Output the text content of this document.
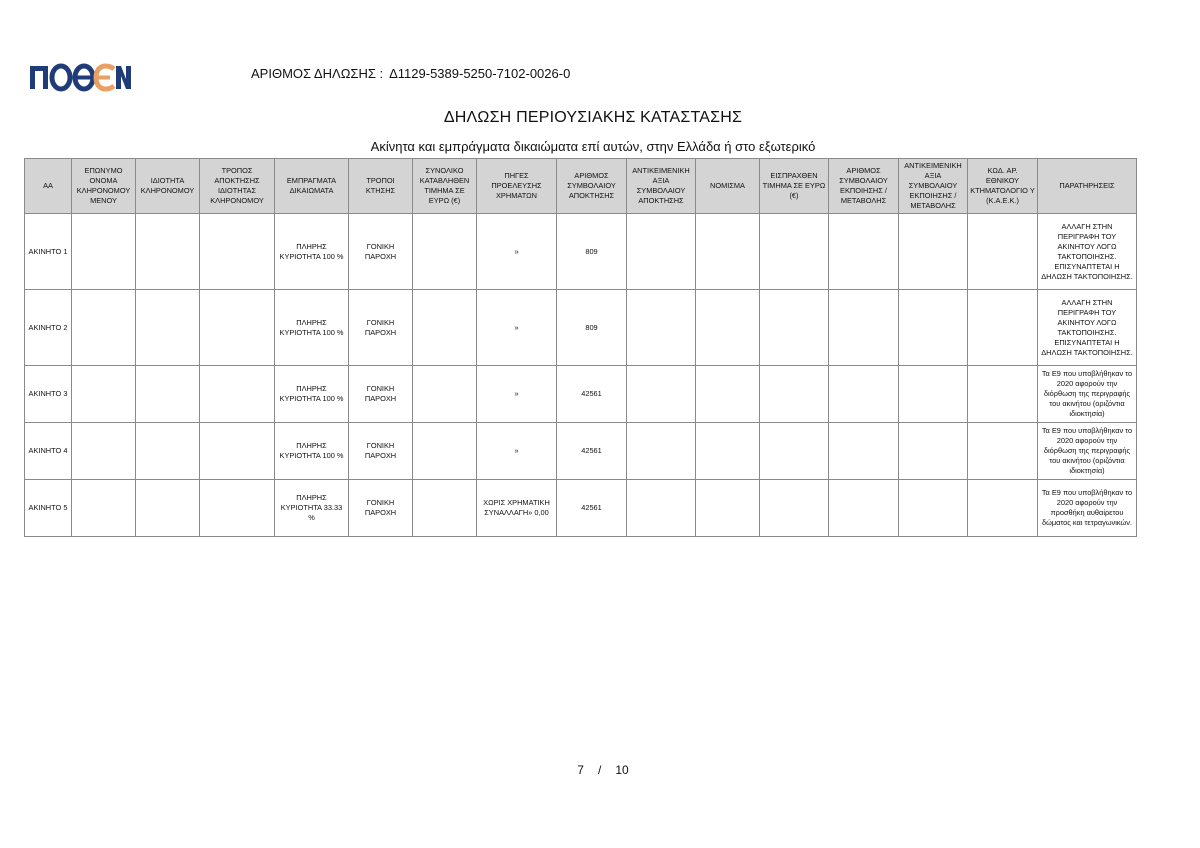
ΑΡΙΘΜΟΣ ΔΗΛΩΣΗΣ : Δ1129-5389-5250-7102-0026-0
ΔΗΛΩΣΗ ΠΕΡΙΟΥΣΙΑΚΗΣ ΚΑΤΑΣΤΑΣΗΣ
Ακίνητα και εμπράγματα δικαιώματα επί αυτών, στην Ελλάδα ή στο εξωτερικό
ΑΑ	ΕΠΩΝΥΜΟ ΟΝΟΜΑ ΚΛΗΡΟΝΟΜΟΥ ΜΕΝΟΥ	ΙΔΙΟΤΗΤΑ ΚΛΗΡΟΝΟΜΟΥ	ΤΡΟΠΟΣ ΑΠΟΚΤΗΣΗΣ ΙΔΙΟΤΗΤΑΣ ΚΛΗΡΟΝΟΜΟΥ	ΕΜΠΡΑΓΜΑΤΑ ΔΙΚΑΙΩΜΑΤΑ	ΤΡΟΠΟΙ ΚΤΗΣΗΣ	ΣΥΝΟΛΙΚΟ ΚΑΤΑΒΛΗΘΕΝ ΤΙΜΗΜΑ ΣΕ ΕΥΡΩ (€)	ΠΗΓΕΣ ΠΡΟΕΛΕΥΣΗΣ ΧΡΗΜΑΤΩΝ	ΑΡΙΘΜΟΣ ΣΥΜΒΟΛΑΙΟΥ ΑΠΟΚΤΗΣΗΣ	ΑΝΤΙΚΕΙΜΕΝΙΚΗ ΑΞΙΑ ΣΥΜΒΟΛΑΙΟΥ ΑΠΟΚΤΗΣΗΣ	ΝΟΜΙΣΜΑ	ΕΙΣΠΡΑΧΘΕΝ ΤΙΜΗΜΑ ΣΕ ΕΥΡΩ (€)	ΑΡΙΘΜΟΣ ΣΥΜΒΟΛΑΙΟΥ ΕΚΠΟΙΗΣΗΣ /ΜΕΤΑΒΟΛΗΣ	ΑΝΤΙΚΕΙΜΕΝΙΚΗ ΑΞΙΑ ΣΥΜΒΟΛΑΙΟΥ ΕΚΠΟΙΗΣΗΣ / ΜΕΤΑΒΟΛΗΣ	ΚΩΔ. ΑΡ. ΕΘΝΙΚΟΥ ΚΤΗΜΑΤΟΛΟΓΙΟ Υ (Κ.Α.Ε.Κ.)	ΠΑΡΑΤΗΡΗΣΕΙΣ
ΑΚΙΝΗΤΟ 1				ΠΛΗΡΗΣ ΚΥΡΙΟΤΗΤΑ 100 %	ΓΟΝΙΚΗ ΠΑΡΟΧΗ		»	809							ΑΛΛΑΓΗ ΣΤΗΝ ΠΕΡΙΓΡΑΦΗ ΤΟΥ ΑΚΙΝΗΤΟΥ ΛΟΓΩ ΤΑΚΤΟΠΟΙΗΣΗΣ. ΕΠΙΣΥΝΑΠΤΕΤΑΙ Η ΔΗΛΩΣΗ ΤΑΚΤΟΠΟΙΗΣΗΣ.
ΑΚΙΝΗΤΟ 2				ΠΛΗΡΗΣ ΚΥΡΙΟΤΗΤΑ 100 %	ΓΟΝΙΚΗ ΠΑΡΟΧΗ		»	809							ΑΛΛΑΓΗ ΣΤΗΝ ΠΕΡΙΓΡΑΦΗ ΤΟΥ ΑΚΙΝΗΤΟΥ ΛΟΓΩ ΤΑΚΤΟΠΟΙΗΣΗΣ. ΕΠΙΣΥΝΑΠΤΕΤΑΙ Η ΔΗΛΩΣΗ ΤΑΚΤΟΠΟΙΗΣΗΣ.
ΑΚΙΝΗΤΟ 3				ΠΛΗΡΗΣ ΚΥΡΙΟΤΗΤΑ 100 %	ΓΟΝΙΚΗ ΠΑΡΟΧΗ		»	42561							Τα Ε9 που υποβλήθηκαν το 2020 αφορούν την διόρθωση της περιγραφής του ακινήτου (οριζόντια ιδιοκτησία)
ΑΚΙΝΗΤΟ 4				ΠΛΗΡΗΣ ΚΥΡΙΟΤΗΤΑ 100 %	ΓΟΝΙΚΗ ΠΑΡΟΧΗ		»	42561							Τα Ε9 που υποβλήθηκαν το 2020 αφορούν την διόρθωση της περιγραφής του ακινήτου (οριζόντια ιδιοκτησία)
ΑΚΙΝΗΤΟ 5				ΠΛΗΡΗΣ ΚΥΡΙΟΤΗΤΑ 33.33 %	ΓΟΝΙΚΗ ΠΑΡΟΧΗ		ΧΩΡΙΣ ΧΡΗΜΑΤΙΚΗ ΣΥΝΑΛΛΑΓΗ» 0,00	42561							Τα Ε9 που υποβλήθηκαν το 2020 αφορούν την προσθήκη αυθαίρετου δώματος και τετραγωνικών.
7 / 10
